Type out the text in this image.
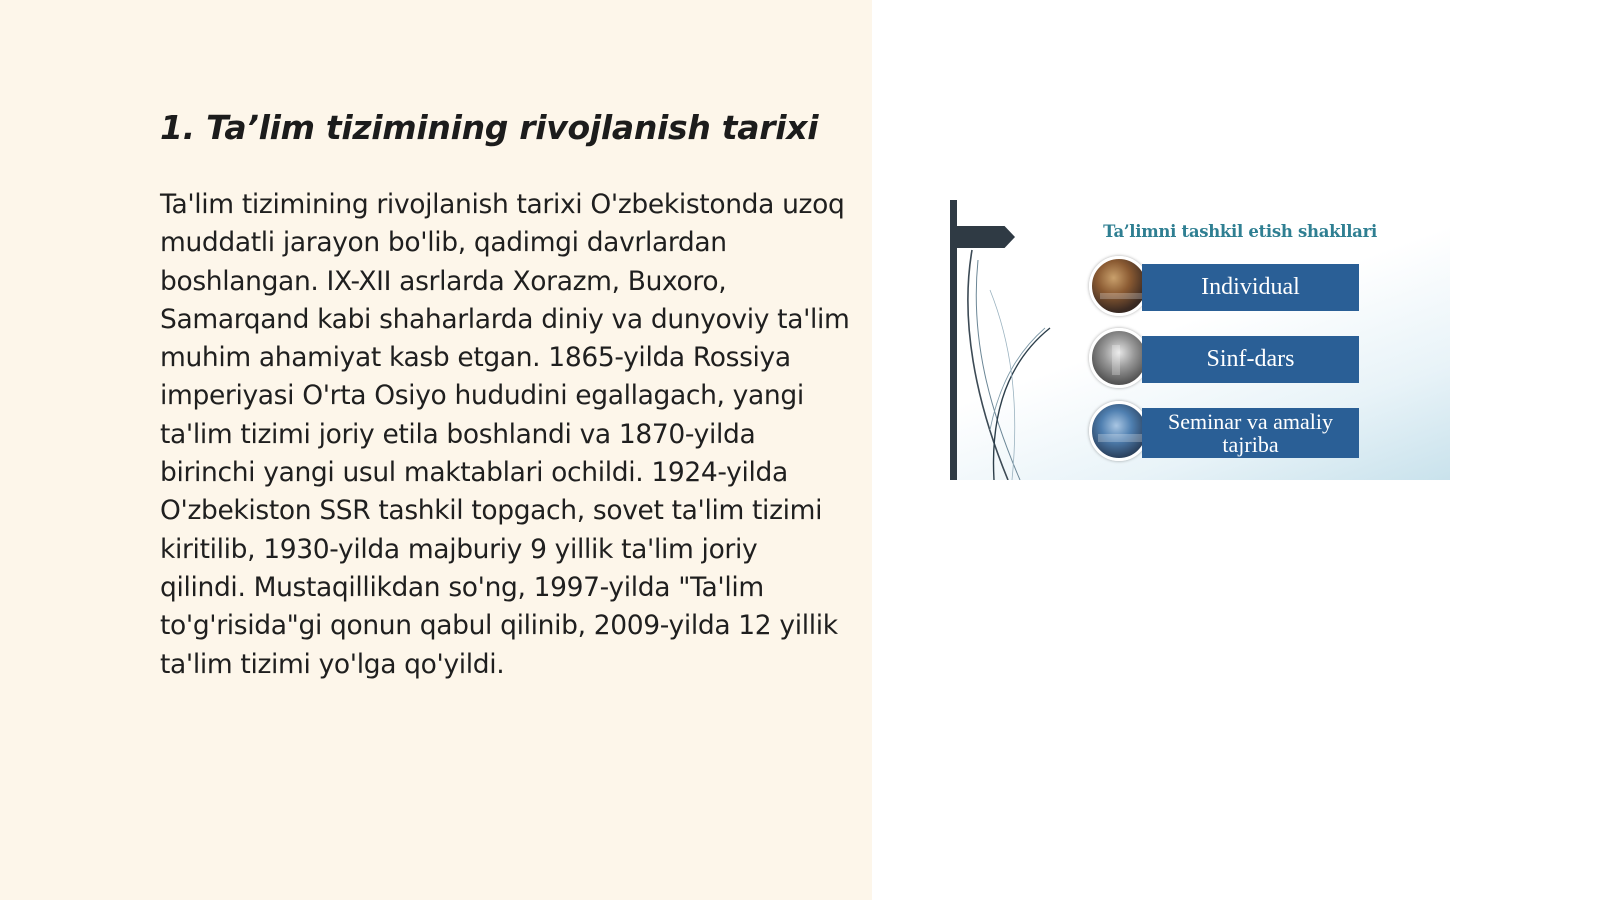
1. Ta’lim tizimining rivojlanish tarixi

Ta'lim tizimining rivojlanish tarixi O'zbekistonda uzoq muddatli jarayon bo'lib, qadimgi davrlardan boshlangan. IX-XII asrlarda Xorazm, Buxoro, Samarqand kabi shaharlarda diniy va dunyoviy ta'lim muhim ahamiyat kasb etgan. 1865-yilda Rossiya imperiyasi O'rta Osiyo hududini egallagach, yangi ta'lim tizimi joriy etila boshlandi va 1870-yilda birinchi yangi usul maktablari ochildi. 1924-yilda O'zbekiston SSR tashkil topgach, sovet ta'lim tizimi kiritilib, 1930-yilda majburiy 9 yillik ta'lim joriy qilindi. Mustaqillikdan so'ng, 1997-yilda "Ta'lim to'g'risida"gi qonun qabul qilinib, 2009-yilda 12 yillik ta'lim tizimi yo'lga qo'yildi.

Ta’limni tashkil etish shakllari
Individual
Sinf-dars
Seminar va amaliy tajriba
